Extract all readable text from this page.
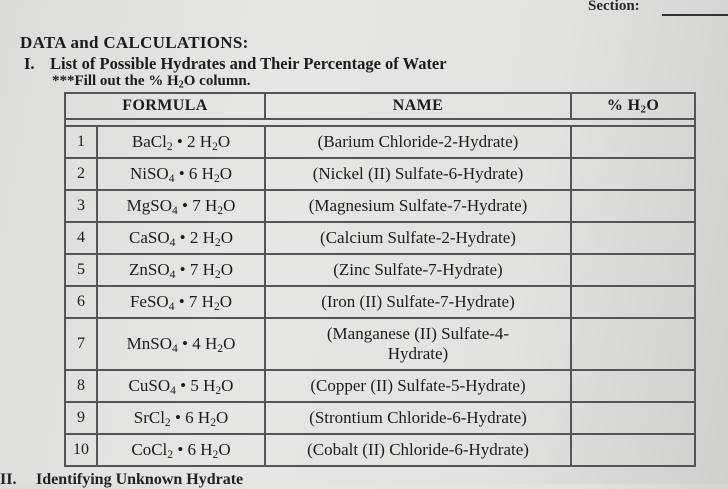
Section:
DATA and CALCULATIONS:
I. List of Possible Hydrates and Their Percentage of Water
***Fill out the % $H_2O$ column.
FORMULA		NAME	% $H_2O$

1	BaCl$_2$ • 2 $H_2O$	(Barium Chloride-2-Hydrate)	
2	NiSO$_4$ • 6 $H_2O$	(Nickel (II) Sulfate-6-Hydrate)	
3	MgSO$_4$ • 7 $H_2O$	(Magnesium Sulfate-7-Hydrate)	
4	CaSO$_4$ • 2 $H_2O$	(Calcium Sulfate-2-Hydrate)	
5	ZnSO$_4$ • 7 $H_2O$	(Zinc Sulfate-7-Hydrate)	
6	FeSO$_4$ • 7 $H_2O$	(Iron (II) Sulfate-7-Hydrate)	
7	MnSO$_4$ • 4 $H_2O$	(Manganese (II) Sulfate-4-
Hydrate)	

8	CuSO$_4$ • 5 $H_2O$	(Copper (II) Sulfate-5-Hydrate)	
9	SrCl$_2$ • 6 $H_2O$	(Strontium Chloride-6-Hydrate)	
10	CoCl$_2$ • 6 $H_2O$	(Cobalt (II) Chloride-6-Hydrate)	
II. Identifying Unknown Hydrate
